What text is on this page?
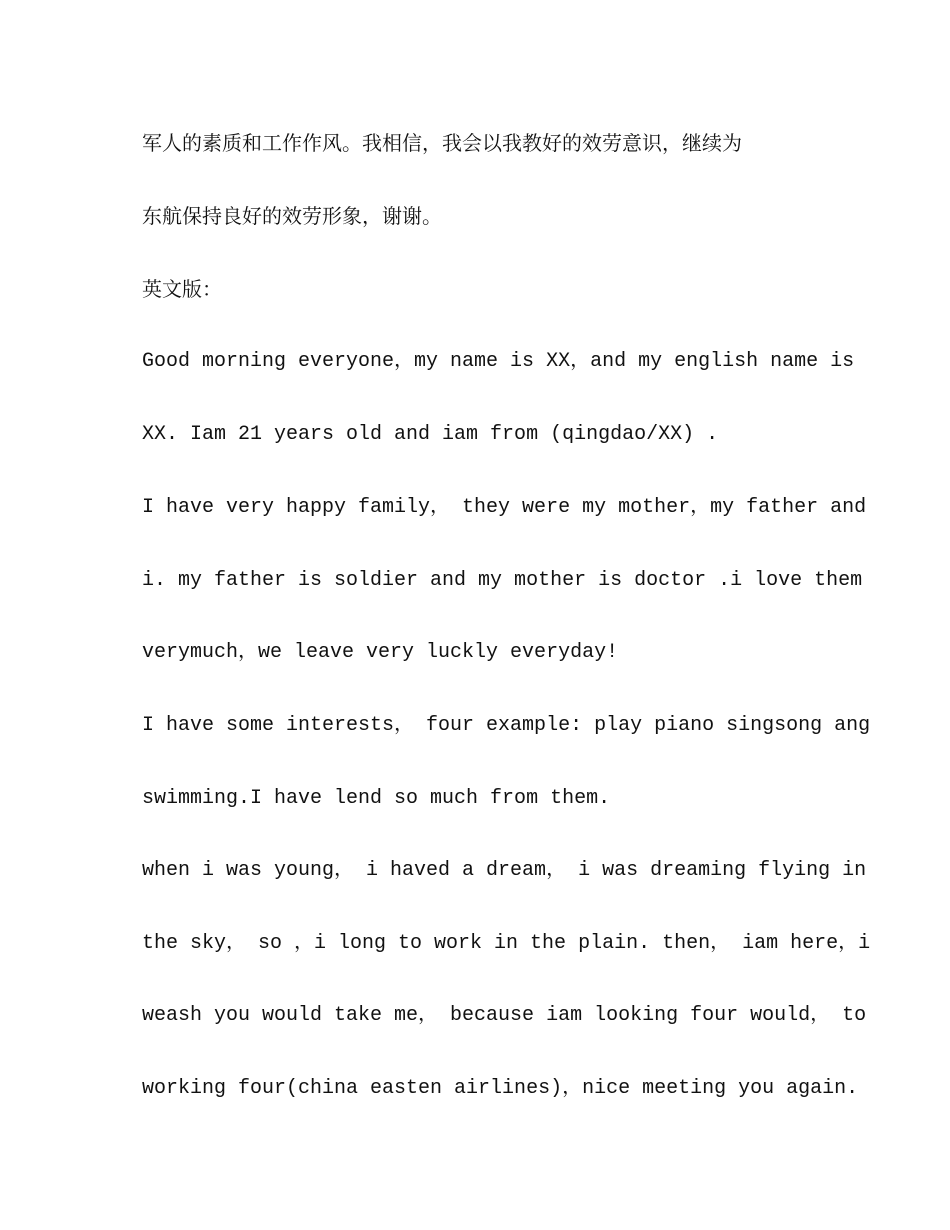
军人的素质和工作作风。我相信，我会以我教好的效劳意识，继续为

东航保持良好的效劳形象，谢谢。

英文版：

Good morning everyone，my name is XX，and my english name is

XX. Iam 21 years old and iam from (qingdao/XX) .

I have very happy family， they were my mother，my father and

i. my father is soldier and my mother is doctor .i love them

verymuch，we leave very luckly everyday!

I have some interests， four example: play piano singsong ang

swimming.I have lend so much from them.

when i was young， i haved a dream， i was dreaming flying in

the sky， so ，i long to work in the plain. then， iam here，i

weash you would take me， because iam looking four would， to

working four(china easten airlines)，nice meeting you again.
